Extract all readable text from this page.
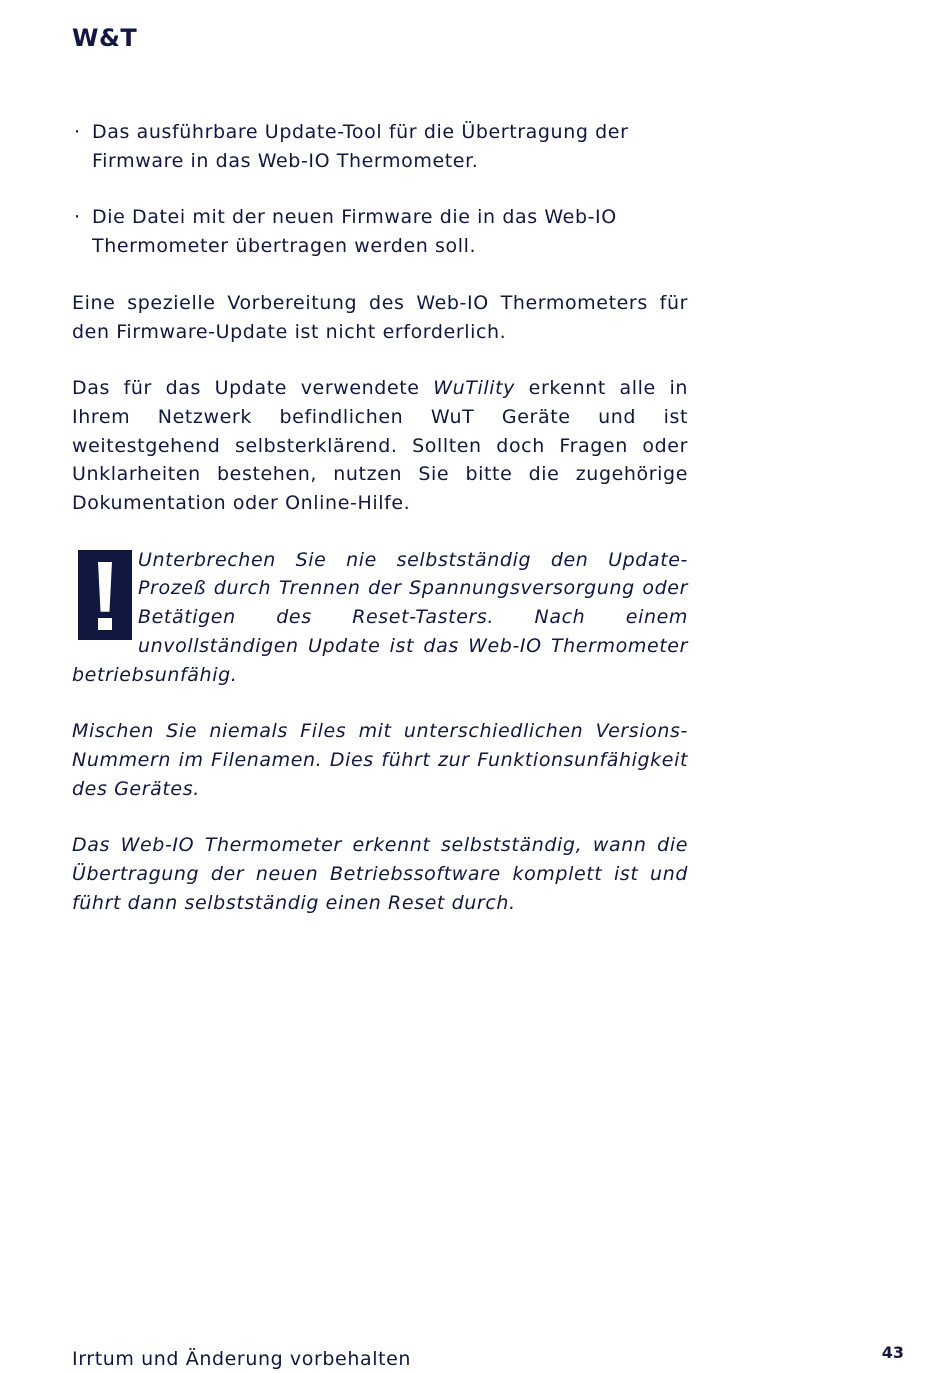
W&T
· Das ausführbare Update-Tool für die Übertragung der Firmware in das Web-IO Thermometer.
· Die Datei mit der neuen Firmware die in das Web-IO Thermometer übertragen werden soll.

Eine spezielle Vorbereitung des Web-IO Thermometers für den Firmware-Update ist nicht erforderlich.

Das für das Update verwendete WuTility erkennt alle in Ihrem Netzwerk befindlichen WuT Geräte und ist weitestgehend selbsterklärend. Sollten doch Fragen oder Unklarheiten bestehen, nutzen Sie bitte die zugehörige Dokumentation oder Online-Hilfe.

Unterbrechen Sie nie selbstständig den Update-Prozeß durch Trennen der Spannungsversorgung oder Betätigen des Reset-Tasters. Nach einem unvollständigen Update ist das Web-IO Thermometer betriebsunfähig.

Mischen Sie niemals Files mit unterschiedlichen Versions-Nummern im Filenamen. Dies führt zur Funktionsunfähigkeit des Gerätes.

Das Web-IO Thermometer erkennt selbstständig, wann die Übertragung der neuen Betriebssoftware komplett ist und führt dann selbstständig einen Reset durch.

Irrtum und Änderung vorbehalten	43
